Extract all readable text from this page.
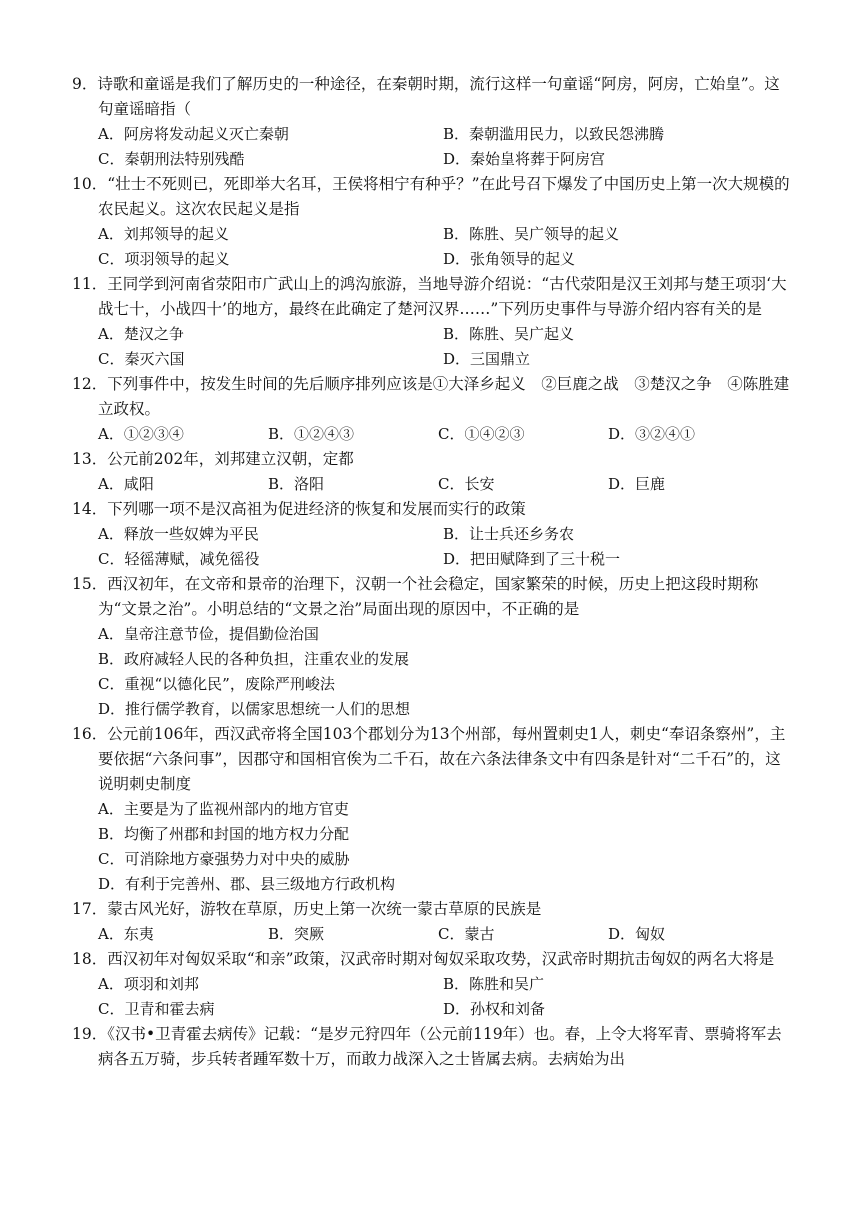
9．诗歌和童谣是我们了解历史的一种途径，在秦朝时期，流行这样一句童谣“阿房，阿房，亡始皇”。这句童谣暗指（

A．阿房将发动起义灭亡秦朝	B．秦朝滥用民力，以致民怨沸腾
C．秦朝刑法特别残酷	D．秦始皇将葬于阿房宫

10．“壮士不死则已，死即举大名耳，王侯将相宁有种乎？”在此号召下爆发了中国历史上第一次大规模的农民起义。这次农民起义是指

A．刘邦领导的起义	B．陈胜、吴广领导的起义
C．项羽领导的起义	D．张角领导的起义

11．王同学到河南省荥阳市广武山上的鸿沟旅游，当地导游介绍说：“古代荥阳是汉王刘邦与楚王项羽‘大战七十，小战四十’的地方，最终在此确定了楚河汉界……”下列历史事件与导游介绍内容有关的是

A．楚汉之争	B．陈胜、吴广起义
C．秦灭六国	D．三国鼎立

12．下列事件中，按发生时间的先后顺序排列应该是①大泽乡起义　②巨鹿之战　③楚汉之争　④陈胜建立政权。

A．①②③④	B．①②④③	C．①④②③	D．③②④①

13．公元前202年，刘邦建立汉朝，定都

A．咸阳	B．洛阳	C．长安	D．巨鹿

14．下列哪一项不是汉高祖为促进经济的恢复和发展而实行的政策

A．释放一些奴婢为平民	B．让士兵还乡务农
C．轻徭薄赋，减免徭役	D．把田赋降到了三十税一

15．西汉初年，在文帝和景帝的治理下，汉朝一个社会稳定，国家繁荣的时候，历史上把这段时期称为“文景之治”。小明总结的“文景之治”局面出现的原因中，不正确的是

A．皇帝注意节俭，提倡勤俭治国
B．政府减轻人民的各种负担，注重农业的发展
C．重视“以德化民”，废除严刑峻法
D．推行儒学教育，以儒家思想统一人们的思想

16．公元前106年，西汉武帝将全国103个郡划分为13个州部，每州置刺史1人，刺史“奉诏条察州”，主要依据“六条问事”，因郡守和国相官俟为二千石，故在六条法律条文中有四条是针对“二千石”的，这说明刺史制度

A．主要是为了监视州部内的地方官吏
B．均衡了州郡和封国的地方权力分配
C．可消除地方豪强势力对中央的威胁
D．有利于完善州、郡、县三级地方行政机构

17．蒙古风光好，游牧在草原，历史上第一次统一蒙古草原的民族是

A．东夷	B．突厥	C．蒙古	D．匈奴

18．西汉初年对匈奴采取“和亲”政策，汉武帝时期对匈奴采取攻势，汉武帝时期抗击匈奴的两名大将是

A．项羽和刘邦	B．陈胜和吴广
C．卫青和霍去病	D．孙权和刘备

19．《汉书•卫青霍去病传》记载：“是岁元狩四年（公元前119年）也。春，上令大将军青、票骑将军去病各五万骑，步兵转者踵军数十万，而敢力战深入之士皆属去病。去病始为出
